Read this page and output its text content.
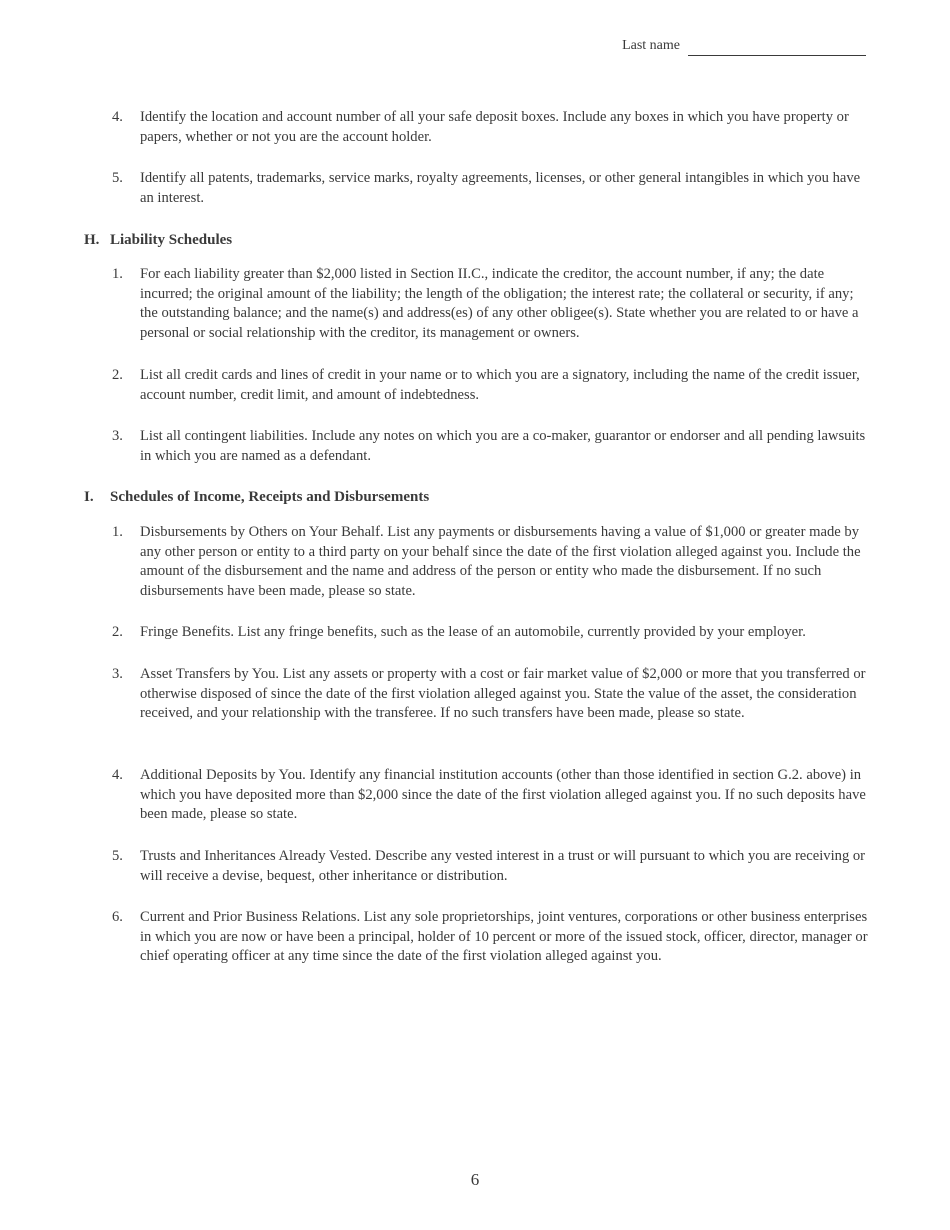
Last name
4.	Identify the location and account number of all your safe deposit boxes. Include any boxes in which you have property or papers, whether or not you are the account holder.
5.	Identify all patents, trademarks, service marks, royalty agreements, licenses, or other general intangibles in which you have an interest.
H. Liability Schedules
1.	For each liability greater than $2,000 listed in Section II.C., indicate the creditor, the account number, if any; the date incurred; the original amount of the liability; the length of the obligation; the interest rate; the collateral or security, if any; the outstanding balance; and the name(s) and address(es) of any other obligee(s). State whether you are related to or have a personal or social relationship with the creditor, its management or owners.
2.	List all credit cards and lines of credit in your name or to which you are a signatory, including the name of the credit issuer, account number, credit limit, and amount of indebtedness.
3.	List all contingent liabilities. Include any notes on which you are a co-maker, guarantor or endorser and all pending lawsuits in which you are named as a defendant.
I.	Schedules of Income, Receipts and Disbursements
1.	Disbursements by Others on Your Behalf. List any payments or disbursements having a value of $1,000 or greater made by any other person or entity to a third party on your behalf since the date of the first violation alleged against you. Include the amount of the disbursement and the name and address of the person or entity who made the disbursement. If no such disbursements have been made, please so state.
2.	Fringe Benefits. List any fringe benefits, such as the lease of an automobile, currently provided by your employer.
3.	Asset Transfers by You. List any assets or property with a cost or fair market value of $2,000 or more that you transferred or otherwise disposed of since the date of the first violation alleged against you. State the value of the asset, the consideration received, and your relationship with the transferee. If no such transfers have been made, please so state.
4.	Additional Deposits by You. Identify any financial institution accounts (other than those identified in section G.2. above) in which you have deposited more than $2,000 since the date of the first violation alleged against you. If no such deposits have been made, please so state.
5.	Trusts and Inheritances Already Vested. Describe any vested interest in a trust or will pursuant to which you are receiving or will receive a devise, bequest, other inheritance or distribution.
6.	Current and Prior Business Relations. List any sole proprietorships, joint ventures, corporations or other business enterprises in which you are now or have been a principal, holder of 10 percent or more of the issued stock, officer, director, manager or chief operating officer at any time since the date of the first violation alleged against you.
6
